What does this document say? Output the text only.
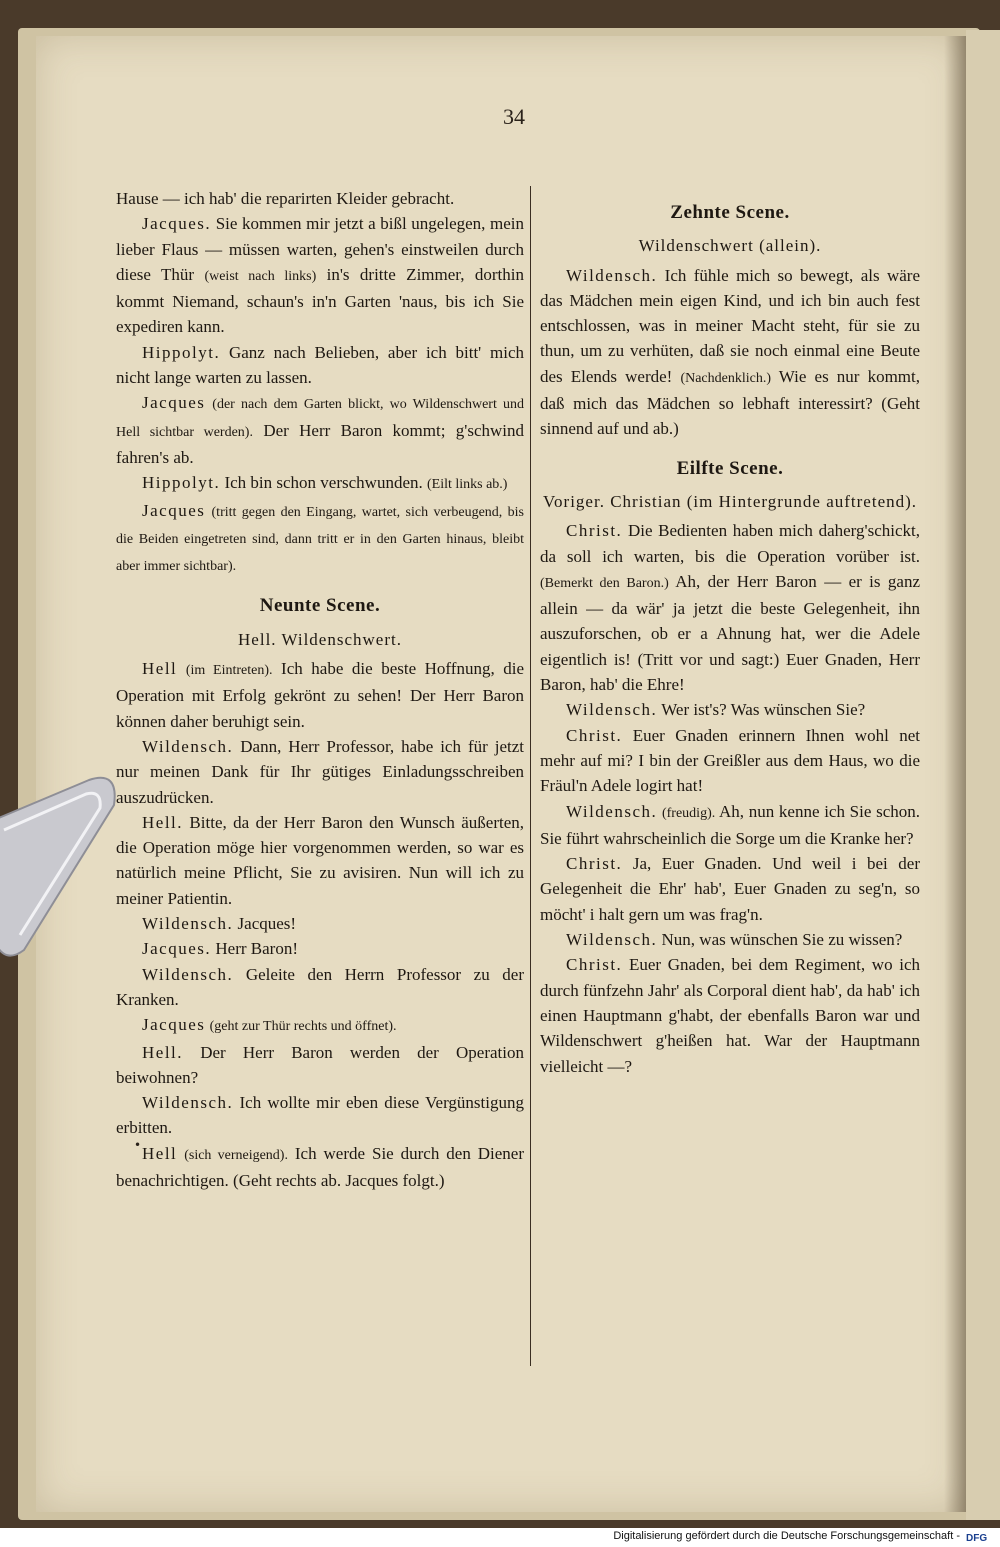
34

Hause — ich hab' die reparirten Kleider gebracht.

Jacques. Sie kommen mir jetzt a bißl ungelegen, mein lieber Flaus — müssen warten, gehen's einstweilen durch diese Thür (weist nach links) in's dritte Zimmer, dorthin kommt Niemand, schaun's in'n Garten 'naus, bis ich Sie expediren kann.

Hippolyt. Ganz nach Belieben, aber ich bitt' mich nicht lange warten zu lassen.

Jacques (der nach dem Garten blickt, wo Wildenschwert und Hell sichtbar werden). Der Herr Baron kommt; g'schwind fahren's ab.

Hippolyt. Ich bin schon verschwunden. (Eilt links ab.)

Jacques (tritt gegen den Eingang, wartet, sich verbeugend, bis die Beiden eingetreten sind, dann tritt er in den Garten hinaus, bleibt aber immer sichtbar).

Neunte Scene.

Hell. Wildenschwert.

Hell (im Eintreten). Ich habe die beste Hoffnung, die Operation mit Erfolg gekrönt zu sehen! Der Herr Baron können daher beruhigt sein.

Wildensch. Dann, Herr Professor, habe ich für jetzt nur meinen Dank für Ihr gütiges Einladungsschreiben auszudrücken.

Hell. Bitte, da der Herr Baron den Wunsch äußerten, die Operation möge hier vorgenommen werden, so war es natürlich meine Pflicht, Sie zu avisiren. Nun will ich zu meiner Patientin.

Wildensch. Jacques!

Jacques. Herr Baron!

Wildensch. Geleite den Herrn Professor zu der Kranken.

Jacques (geht zur Thür rechts und öffnet).

Hell. Der Herr Baron werden der Operation beiwohnen?

Wildensch. Ich wollte mir eben diese Vergünstigung erbitten.

Hell (sich verneigend). Ich werde Sie durch den Diener benachrichtigen. (Geht rechts ab. Jacques folgt.)

Zehnte Scene.

Wildenschwert (allein).

Wildensch. Ich fühle mich so bewegt, als wäre das Mädchen mein eigen Kind, und ich bin auch fest entschlossen, was in meiner Macht steht, für sie zu thun, um zu verhüten, daß sie noch einmal eine Beute des Elends werde! (Nachdenklich.) Wie es nur kommt, daß mich das Mädchen so lebhaft interessirt? (Geht sinnend auf und ab.)

Eilfte Scene.

Voriger. Christian (im Hintergrunde auftretend).

Christ. Die Bedienten haben mich daherg'schickt, da soll ich warten, bis die Operation vorüber ist. (Bemerkt den Baron.) Ah, der Herr Baron — er is ganz allein — da wär' ja jetzt die beste Gelegenheit, ihn auszuforschen, ob er a Ahnung hat, wer die Adele eigentlich is! (Tritt vor und sagt:) Euer Gnaden, Herr Baron, hab' die Ehre!

Wildensch. Wer ist's? Was wünschen Sie?

Christ. Euer Gnaden erinnern Ihnen wohl net mehr auf mi? I bin der Greißler aus dem Haus, wo die Fräul'n Adele logirt hat!

Wildensch. (freudig). Ah, nun kenne ich Sie schon. Sie führt wahrscheinlich die Sorge um die Kranke her?

Christ. Ja, Euer Gnaden. Und weil i bei der Gelegenheit die Ehr' hab', Euer Gnaden zu seg'n, so möcht' i halt gern um was frag'n.

Wildensch. Nun, was wünschen Sie zu wissen?

Christ. Euer Gnaden, bei dem Regiment, wo ich durch fünfzehn Jahr' als Corporal dient hab', da hab' ich einen Hauptmann g'habt, der ebenfalls Baron war und Wildenschwert g'heißen hat. War der Hauptmann vielleicht —?

•
Digitalisierung gefördert durch die Deutsche Forschungsgemeinschaft - DFG
